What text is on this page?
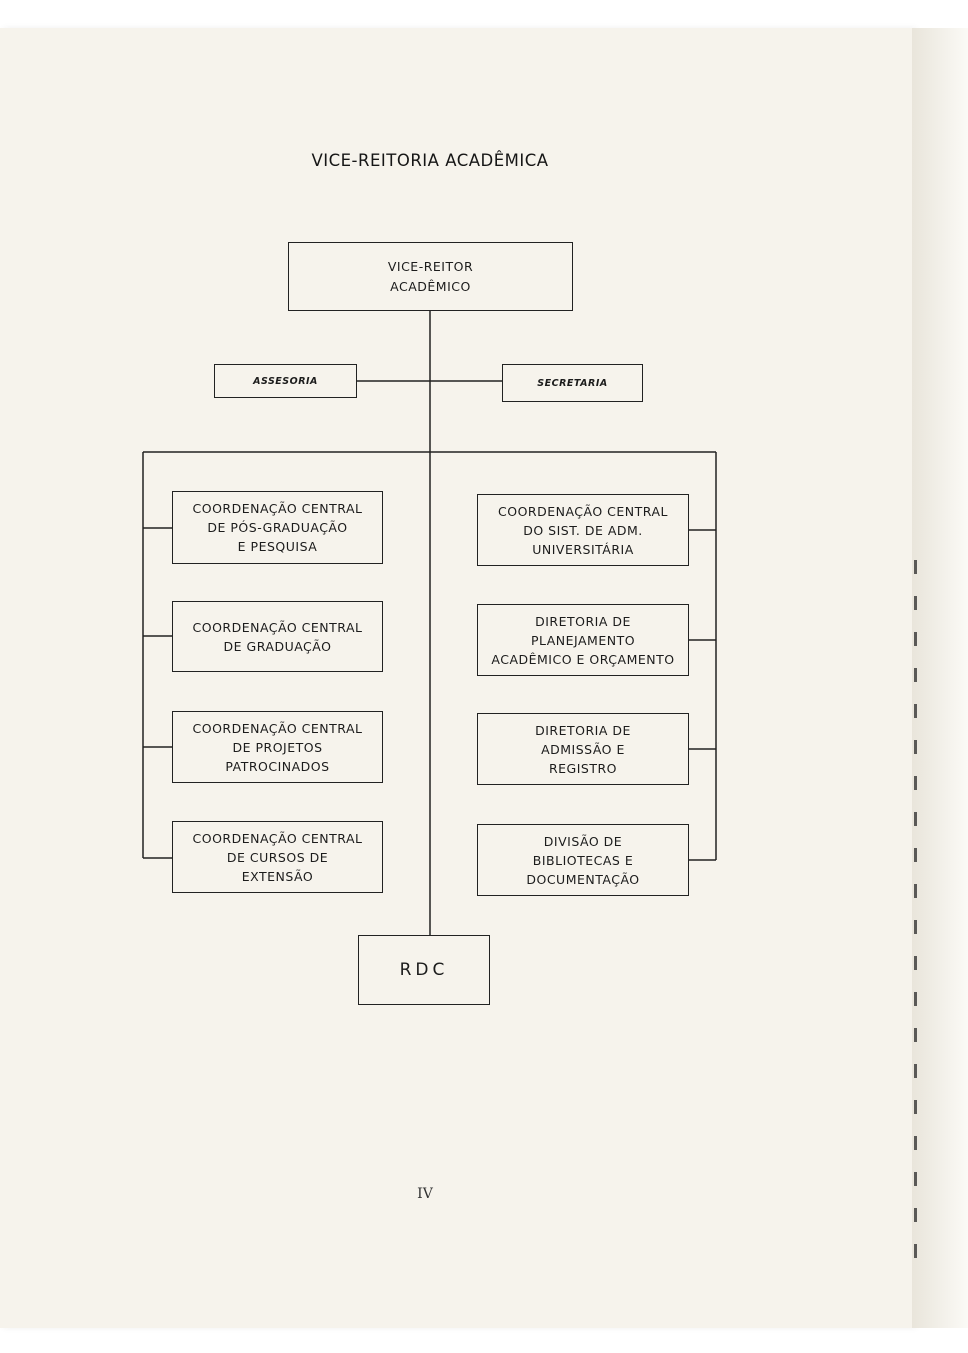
VICE-REITORIA ACADÊMICA
VICE-REITOR
ACADÊMICO
ASSESORIA	SECRETARIA
COORDENAÇÃO CENTRAL
DE PÓS-GRADUAÇÃO
E PESQUISA
COORDENAÇÃO CENTRAL
DE GRADUAÇÃO
COORDENAÇÃO CENTRAL
DE PROJETOS
PATROCINADOS
COORDENAÇÃO CENTRAL
DE CURSOS DE
EXTENSÃO
COORDENAÇÃO CENTRAL
DO SIST. DE ADM.
UNIVERSITÁRIA
DIRETORIA DE
PLANEJAMENTO
ACADÊMICO E ORÇAMENTO
DIRETORIA DE
ADMISSÃO E
REGISTRO
DIVISÃO DE
BIBLIOTECAS E
DOCUMENTAÇÃO
RDC
IV
